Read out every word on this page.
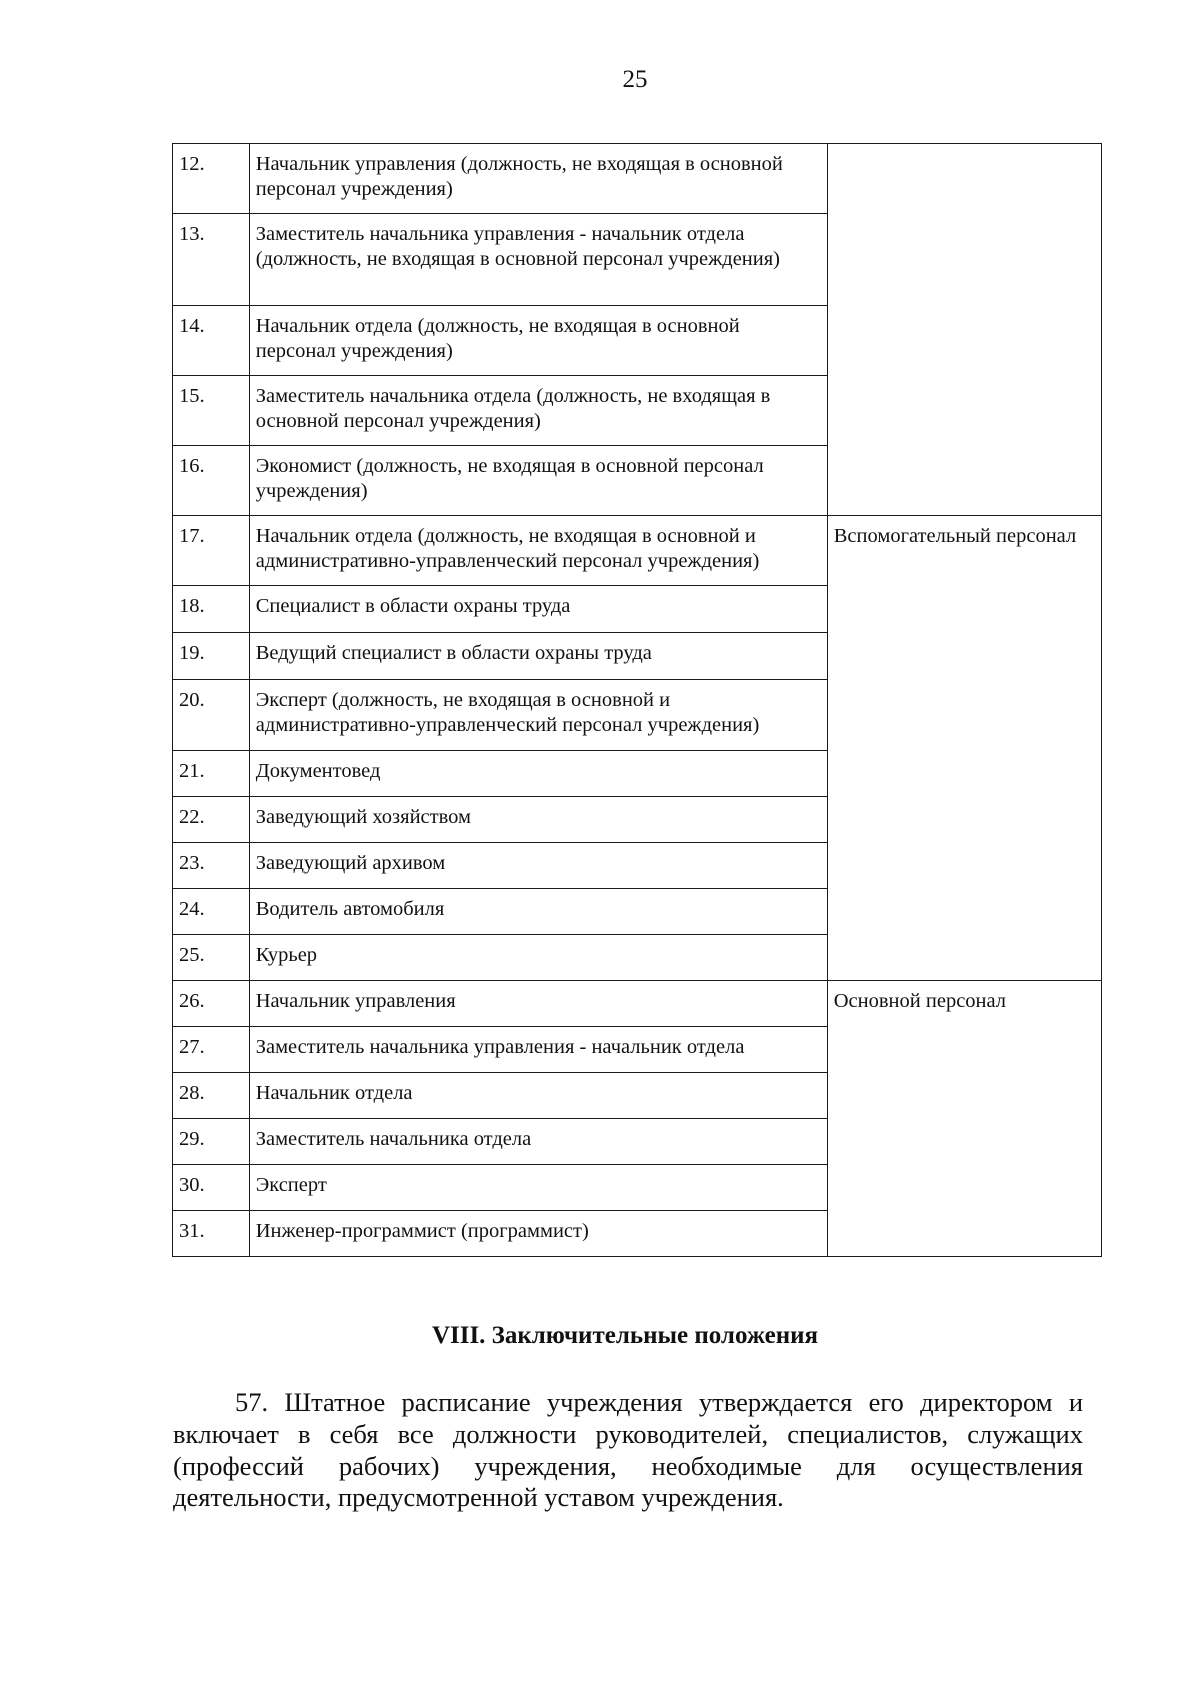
25
12.	Начальник управления (должность, не входящая в основной персонал учреждения)	
13.	Заместитель начальника управления - начальник отдела (должность, не входящая в основной персонал учреждения)	
14.	Начальник отдела (должность, не входящая в основной персонал учреждения)	
15.	Заместитель начальника отдела (должность, не входящая в основной персонал учреждения)	
16.	Экономист (должность, не входящая в основной персонал учреждения)	
17.	Начальник отдела (должность, не входящая в основной и административно-управленческий персонал учреждения)	Вспомогательный персонал
18.	Специалист в области охраны труда	
19.	Ведущий специалист в области охраны труда	
20.	Эксперт (должность, не входящая в основной и административно-управленческий персонал учреждения)	
21.	Документовед	
22.	Заведующий хозяйством	
23.	Заведующий архивом	
24.	Водитель автомобиля	
25.	Курьер	
26.	Начальник управления	Основной персонал
27.	Заместитель начальника управления - начальник отдела	
28.	Начальник отдела	
29.	Заместитель начальника отдела	
30.	Эксперт	
31.	Инженер-программист (программист)	
VIII. Заключительные положения
57. Штатное расписание учреждения утверждается его директором и включает в себя все должности руководителей, специалистов, служащих (профессий рабочих) учреждения, необходимые для осуществления деятельности, предусмотренной уставом учреждения.
